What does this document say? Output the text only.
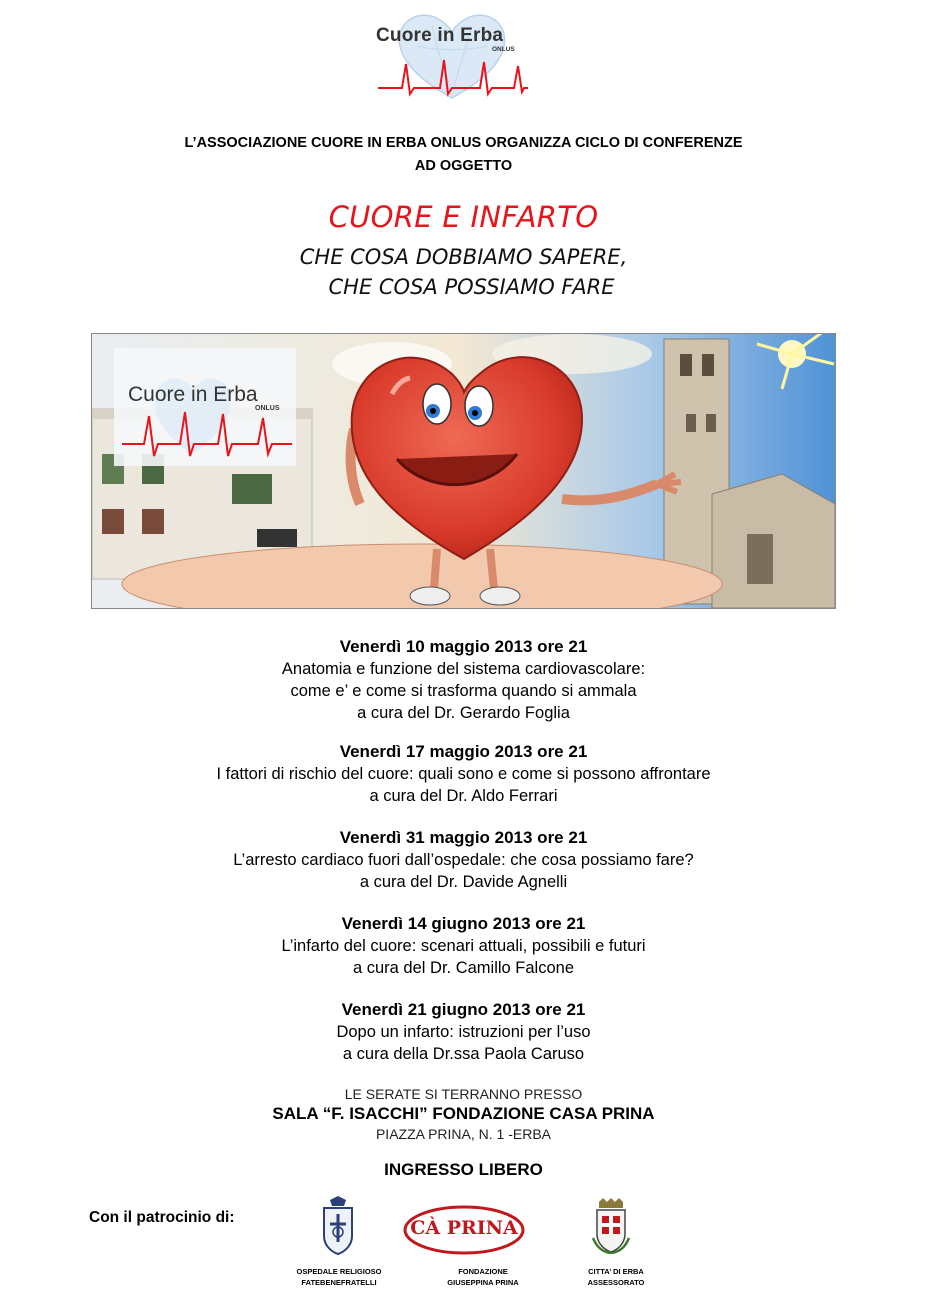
Cuore in Erba
ONLUS
L’ASSOCIAZIONE CUORE IN ERBA ONLUS ORGANIZZA CICLO DI CONFERENZE
AD OGGETTO
CUORE E INFARTO
CHE COSA DOBBIAMO SAPERE,
CHE COSA POSSIAMO FARE
Cuore in Erba
ONLUS
Venerdì 10 maggio 2013 ore 21
Anatomia e funzione del sistema cardiovascolare:
come e’ e come si trasforma quando si ammala
a cura del Dr. Gerardo Foglia
Venerdì 17 maggio 2013 ore 21
I fattori di rischio del cuore: quali sono e come si possono affrontare
a cura del Dr. Aldo Ferrari
Venerdì 31 maggio 2013 ore 21
L’arresto cardiaco fuori dall’ospedale: che cosa possiamo fare?
a cura del Dr. Davide Agnelli
Venerdì 14 giugno 2013 ore 21
L’infarto del cuore: scenari attuali, possibili e futuri
a cura del Dr. Camillo Falcone
Venerdì 21 giugno 2013 ore 21
Dopo un infarto: istruzioni per l’uso
a cura della Dr.ssa Paola Caruso
LE SERATE SI TERRANNO PRESSO
SALA “F. ISACCHI” FONDAZIONE CASA PRINA
PIAZZA PRINA, N. 1 -ERBA
INGRESSO LIBERO
Con il patrocinio di:
OSPEDALE RELIGIOSO
FATEBENEFRATELLI
CÀ PRINA
FONDAZIONE
GIUSEPPINA PRINA
CITTA’ DI ERBA
ASSESSORATO
